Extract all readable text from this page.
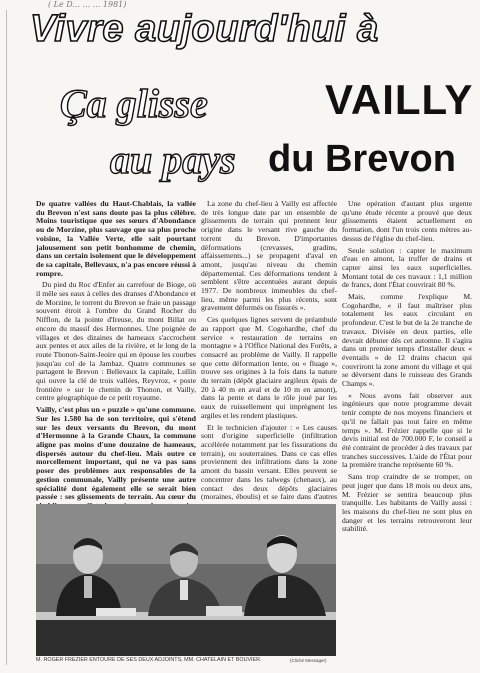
( Le D... ... ... 1981)
Vivre aujourd'hui à
Ça glisse	VAILLY
au pays du Brevon

De quatre vallées du Haut-Chablais, la vallée du Brevon n'est sans doute pas la plus célèbre. Moins touristique que ses sœurs d'Abondance ou de Morzine, plus sauvage que sa plus proche voisine, la Vallée Verte, elle sait pourtant jalousement son petit bonhomme de chemin, dans un certain isolement que le développement de sa capitale, Bellevaux, n'a pas encore réussi à rompre.

Du pied du Roc d'Enfer au carrefour de Bioge, où il mêle ses eaux à celles des dranses d'Abondance et de Morzine, le torrent du Brevon se fraie un passage souvent étroit à l'ombre du Grand Rocher du Nifflon, de la pointe d'Ireuse, du mont Billat ou encore du massif des Hermonnes. Une poignée de villages et des dizaines de hameaux s'accrochent aux pentes et aux ailes de la rivière, et le long de la route Thonon-Saint-Jeoire qui en épouse les courbes jusqu'au col de la Jambaz. Quatre communes se partagent le Brevon : Bellevaux la capitale, Lullin qui ouvre la clé de trois vallées, Reyvroz, « poste frontière » sur le chemin de Thonon, et Vailly, centre géographique de ce petit royaume.

Vailly, c'est plus un « puzzle » qu'une commune. Sur les 1.580 ha de son territoire, qui s'étend sur les deux versants du Brevon, du mont d'Hermonne à la Grande Chaux, la commune aligne pas moins d'une douzaine de hameaux, dispersés autour du chef-lieu. Mais outre ce morcellement important, qui ne va pas sans poser des problèmes aux responsables de la gestion communale, Vailly présente une autre spécialité dont également elle se serait bien passée : ses glissements de terrain. Au cœur du

La zone du chef-lieu à Vailly est affectée de très longue date par un ensemble de glissements de terrain qui prennent leur origine dans le versant rive gauche du torrent du Brevon. D'importantes déformations (crevasses, gradins, affaissements...) se propagent d'aval en amont, jusqu'au niveau du chemin départemental. Ces déformations tendent à semblent s'être accentuées aurant depuis 1977. De nombreux immeubles du chef-lieu, même parmi les plus récents, sont gravement déformés ou fissurés ».

Ces quelques lignes servent de préambule au rapport que M. Cogohardhe, chef du service « restauration de terrains en montagne » à l'Office National des Forêts, a consacré au problème de Vailly. Il rappelle que cette déformation lente, ou « fluage », trouve ses origines à la fois dans la nature du terrain (dépôt glaciaire argileux épais de 20 à 40 m en aval et de 10 m en amont), dans la pente et dans le rôle joué par les eaux de ruissellement qui imprègnent les argiles et les rendent plastiques.

Et le technicien d'ajouter : « Les causes sont d'origine superficielle (infiltration accélérée notamment par les fissurations du terrain), ou souterraines. Dans ce cas elles proviennent des infiltrations dans la zone amont du bassin versant. Elles peuvent se concentrer dans les talwegs (chenaux), au contact des deux dépôts glaciaires (moraines, éboulis) et se faire dans d'autres

Une opération d'autant plus urgente qu'une étude récente a prouvé que deux glissements étaient actuellement en formation, dont l'un trois cents mètres au-dessus de l'église du chef-lieu.

Seule solution : capter le maximum d'eau en amont, la truffer de drains et capter ainsi les eaux superficielles. Montant total de ces travaux : 1,1 million de francs, dont l'État couvrirait 80 %.

Mais, comme l'explique M. Cogohardhe, « il faut maîtriser plus totalement les eaux circulant en profondeur. C'est le but de la 2e tranche de travaux. Divisée en deux parties, elle devrait débuter dès cet automne. Il s'agira dans un premier temps d'installer deux « éventails » de 12 drains chacun qui couvriront la zone amont du village et qui se déversent dans le ruisseau des Grands Champs ».

« Nous avons fait observer aux ingénieurs que notre programme devait tenir compte de nos moyens financiers et qu'il ne fallait pas tout faire en même temps ». M. Frézier rappelle que si le devis initial est de 700.000 F, le conseil a été contraint de procéder à des travaux par tranches successives. L'aide de l'État pour la première tranche représente 60 %.

Sans trop craindre de se tromper, on peut juger que dans 18 mois ou deux ans, M. Frézier se sentira beaucoup plus tranquille. Les habitants de Vailly aussi : les maisons du chef-lieu ne sont plus en danger et les terrains retrouveront leur stabilité.

M. ROGER FREZIER ENTOURÉ DE SES DEUX ADJOINTS, MM. CHATELAIN ET BOUVIER.	(Cliché Messager)
